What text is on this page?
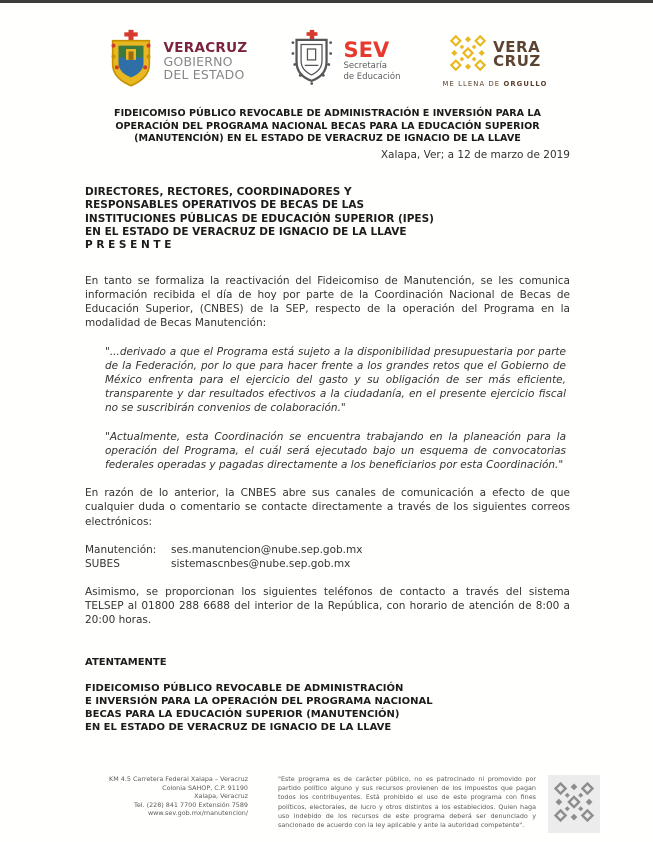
VERACRUZ
GOBIERNO
DEL ESTADO
SEV
Secretaría
de Educación
VERA
CRUZ
ME LLENA DE ORGULLO
FIDEICOMISO PÚBLICO REVOCABLE DE ADMINISTRACIÓN E INVERSIÓN PARA LA OPERACIÓN DEL PROGRAMA NACIONAL BECAS PARA LA EDUCACIÓN SUPERIOR (MANUTENCIÓN) EN EL ESTADO DE VERACRUZ DE IGNACIO DE LA LLAVE
Xalapa, Ver; a 12 de marzo de 2019
DIRECTORES, RECTORES, COORDINADORES Y
RESPONSABLES OPERATIVOS DE BECAS DE LAS
INSTITUCIONES PÚBLICAS DE EDUCACIÓN SUPERIOR (IPES)
EN EL ESTADO DE VERACRUZ DE IGNACIO DE LA LLAVE
P R E S E N T E
En tanto se formaliza la reactivación del Fideicomiso de Manutención, se les comunica información recibida el día de hoy por parte de la Coordinación Nacional de Becas de Educación Superior, (CNBES) de la SEP, respecto de la operación del Programa en la modalidad de Becas Manutención:
"...derivado a que el Programa está sujeto a la disponibilidad presupuestaria por parte de la Federación, por lo que para hacer frente a los grandes retos que el Gobierno de México enfrenta para el ejercicio del gasto y su obligación de ser más eficiente, transparente y dar resultados efectivos a la ciudadanía, en el presente ejercicio fiscal no se suscribirán convenios de colaboración."
"Actualmente, esta Coordinación se encuentra trabajando en la planeación para la operación del Programa, el cuál será ejecutado bajo un esquema de convocatorias federales operadas y pagadas directamente a los beneficiarios por esta Coordinación."
En razón de lo anterior, la CNBES abre sus canales de comunicación a efecto de que cualquier duda o comentario se contacte directamente a través de los siguientes correos electrónicos:
Manutención:	ses.manutencion@nube.sep.gob.mx
SUBES	sistemascnbes@nube.sep.gob.mx
Asimismo, se proporcionan los siguientes teléfonos de contacto a través del sistema TELSEP al 01800 288 6688 del interior de la República, con horario de atención de 8:00 a 20:00 horas.
ATENTAMENTE
FIDEICOMISO PÚBLICO REVOCABLE DE ADMINISTRACIÓN
E INVERSIÓN PARA LA OPERACIÓN DEL PROGRAMA NACIONAL
BECAS PARA LA EDUCACIÓN SUPERIOR (MANUTENCIÓN)
EN EL ESTADO DE VERACRUZ DE IGNACIO DE LA LLAVE
KM 4.5 Carretera Federal Xalapa – Veracruz
Colonia SAHOP, C.P. 91190
Xalapa, Veracruz
Tel. (228) 841 7700 Extensión 7589
www.sev.gob.mx/manutencion/
"Este programa es de carácter público, no es patrocinado ni promovido por partido político alguno y sus recursos provienen de los impuestos que pagan todos los contribuyentes. Está prohibido el uso de este programa con fines políticos, electorales, de lucro y otros distintos a los establecidos. Quien haga uso indebido de los recursos de este programa deberá ser denunciado y sancionado de acuerdo con la ley aplicable y ante la autoridad competente".
